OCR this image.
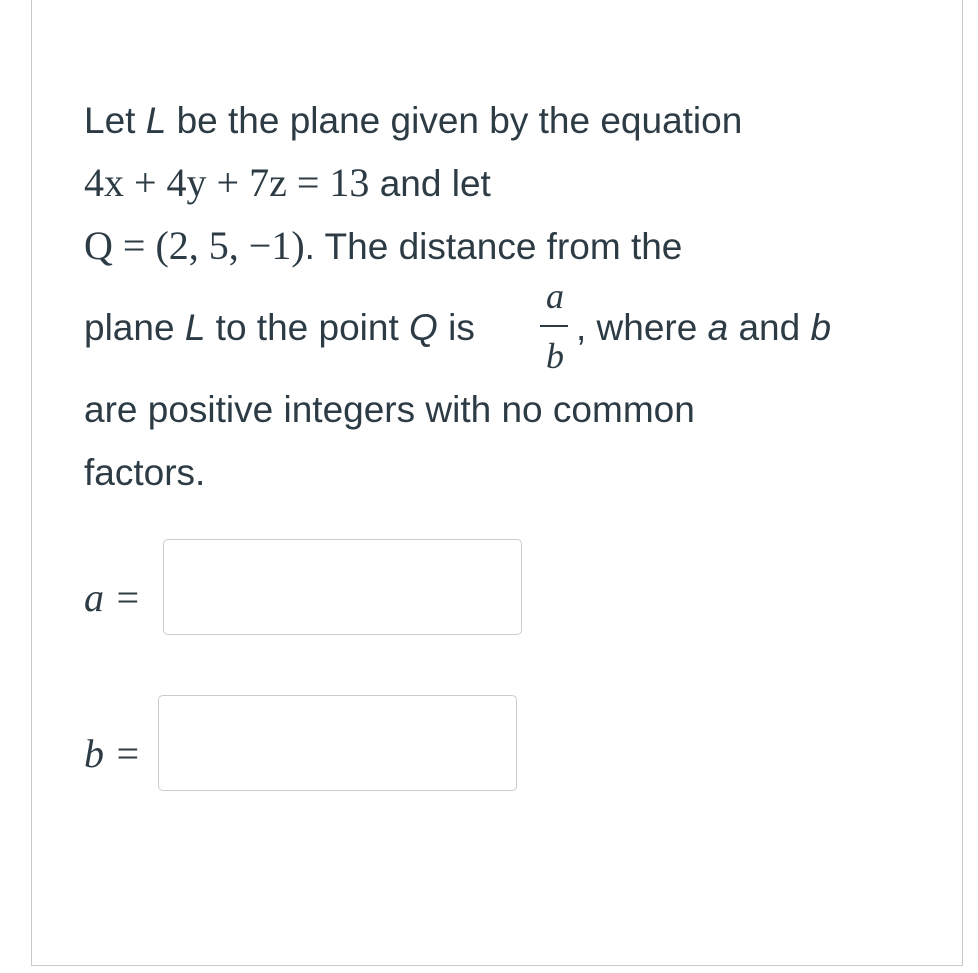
Let L be the plane given by the equation
4x + 4y + 7z = 13 and let
Q = (2, 5, −1). The distance from the
plane L to the point Q is
a
b
, where a and b
are positive integers with no common
factors.
a =
b =
